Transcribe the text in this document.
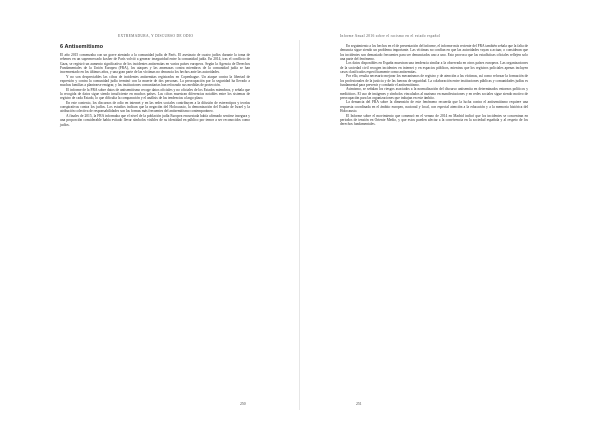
EXTREMADURA, Y DISCURSO DE ODIO
6 Antisemitismo

El año 2015 comenzaba con un grave atentado a la comunidad judía de París. El asesinato de cuatro judíos durante la toma de rehenes en un supermercado kosher de París volvió a generar inseguridad entre la comunidad judía. En 2014, tras el conflicto de Gaza, se registró un aumento significativo de los incidentes antisemitas en varios países europeos. Según la Agencia de Derechos Fundamentales de la Unión Europea (FRA), los ataques y las amenazas contra miembros de la comunidad judía se han incrementado en los últimos años, y una gran parte de las víctimas no denuncia los hechos ante las autoridades.

Y no son despreciables las cifras de incidentes antisemitas registrados en Copenhague. Un ataque contra la libertad de expresión y contra la comunidad judía terminó con la muerte de dos personas. La preocupación por la seguridad ha llevado a muchas familias a plantearse emigrar, y las instituciones comunitarias han reforzado sus medidas de protección.

El informe de la FRA sobre datos de antisemitismo recoge datos oficiales y no oficiales de los Estados miembros, y señala que la recogida de datos sigue siendo insuficiente en muchos países. Las cifras muestran diferencias notables entre los sistemas de registro de cada Estado, lo que dificulta la comparación y el análisis de las tendencias a largo plazo.

En este contexto, los discursos de odio en internet y en las redes sociales contribuyen a la difusión de estereotipos y teorías conspirativas contra los judíos. Los estudios indican que la negación del Holocausto, la demonización del Estado de Israel y la atribución colectiva de responsabilidades son las formas más frecuentes del antisemitismo contemporáneo.

A finales de 2015, la FRA informaba que el nivel de la población judía Europea encuestada había afirmado sentirse insegura y una proporción considerable había evitado llevar símbolos visibles de su identidad en público por temor a ser reconocidos como judíos.

250
Informe Anual 2016 sobre el racismo en el estado español

En seguimiento a los hechos en el de presentación del informe, el informe más reciente del FRA también señala que la falta de denuncia sigue siendo un problema importante. Las víctimas no confían en que las autoridades vayan a actuar, o consideran que los incidentes son demasiado frecuentes para ser denunciados uno a uno. Esto provoca que las estadísticas oficiales reflejen solo una parte del fenómeno.

Los datos disponibles en España muestran una tendencia similar a la observada en otros países europeos. Las organizaciones de la sociedad civil recogen incidentes en internet y en espacios públicos, mientras que los registros policiales apenas incluyen casos clasificados específicamente como antisemitas.

Por ello, resulta necesario mejorar los mecanismos de registro y de atención a las víctimas, así como reforzar la formación de los profesionales de la justicia y de las fuerzas de seguridad. La colaboración entre instituciones públicas y comunidades judías es fundamental para prevenir y combatir el antisemitismo.

Asimismo, se señalan los riesgos asociados a la normalización del discurso antisemita en determinados entornos políticos y mediáticos. El uso de imágenes y símbolos vinculados al nazismo en manifestaciones y en redes sociales sigue siendo motivo de preocupación para las organizaciones que trabajan en este ámbito.

La denuncia del FRA sobre la dimensión de este fenómeno recuerda que la lucha contra el antisemitismo requiere una respuesta coordinada en el ámbito europeo, nacional y local, con especial atención a la educación y a la memoria histórica del Holocausto.

El Informe sobre el movimiento que comenzó en el verano de 2014 en Madrid indicó que los incidentes se concentran en periodos de tensión en Oriente Medio, y que estos pueden afectar a la convivencia en la sociedad española y al respeto de los derechos fundamentales.

251
